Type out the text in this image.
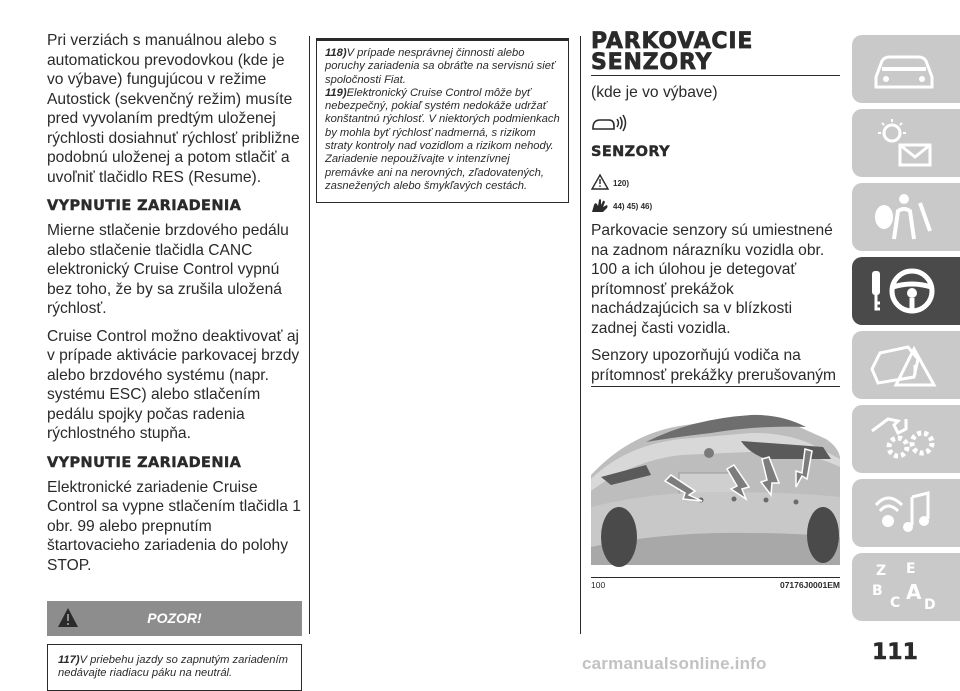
Pri verziách s manuálnou alebo s automatickou prevodovkou (kde je vo výbave) fungujúcou v režime Autostick (sekvenčný režim) musíte pred vyvolaním predtým uloženej rýchlosti dosiahnuť rýchlosť približne podobnú uloženej a potom stlačiť a uvoľniť tlačidlo RES (Resume).

VYPNUTIE ZARIADENIA

Mierne stlačenie brzdového pedálu alebo stlačenie tlačidla CANC elektronický Cruise Control vypnú bez toho, že by sa zrušila uložená rýchlosť.

Cruise Control možno deaktivovať aj v prípade aktivácie parkovacej brzdy alebo brzdového systému (napr. systému ESC) alebo stlačením pedálu spojky počas radenia rýchlostného stupňa.

VYPNUTIE ZARIADENIA

Elektronické zariadenie Cruise Control sa vypne stlačením tlačidla 1 obr. 99 alebo prepnutím štartovacieho zariadenia do polohy STOP.

POZOR!

117)V priebehu jazdy so zapnutým zariadením nedávajte riadiacu páku na neutrál.

118)V prípade nesprávnej činnosti alebo poruchy zariadenia sa obráťte na servisnú sieť spoločnosti Fiat.

119)Elektronický Cruise Control môže byť nebezpečný, pokiaľ systém nedokáže udržať konštantnú rýchlosť. V niektorých podmienkach by mohla byť rýchlosť nadmerná, s rizikom straty kontroly nad vozidlom a rizikom nehody. Zariadenie nepoužívajte v intenzívnej premávke ani na nerovných, zľadovatených, zasnežených alebo šmykľavých cestách.

PARKOVACIE
SENZORY

(kde je vo výbave)

SENZORY
120)
44) 45) 46)

Parkovacie senzory sú umiestnené na zadnom nárazníku vozidla obr. 100 a ich úlohou je detegovať prítomnosť prekážok nachádzajúcich sa v blízkosti zadnej časti vozidla.

Senzory upozorňujú vodiča na prítomnosť prekážky prerušovaným

100	07176J0001EM
Z E
B
C A
D
111
carmanualsonline.info
